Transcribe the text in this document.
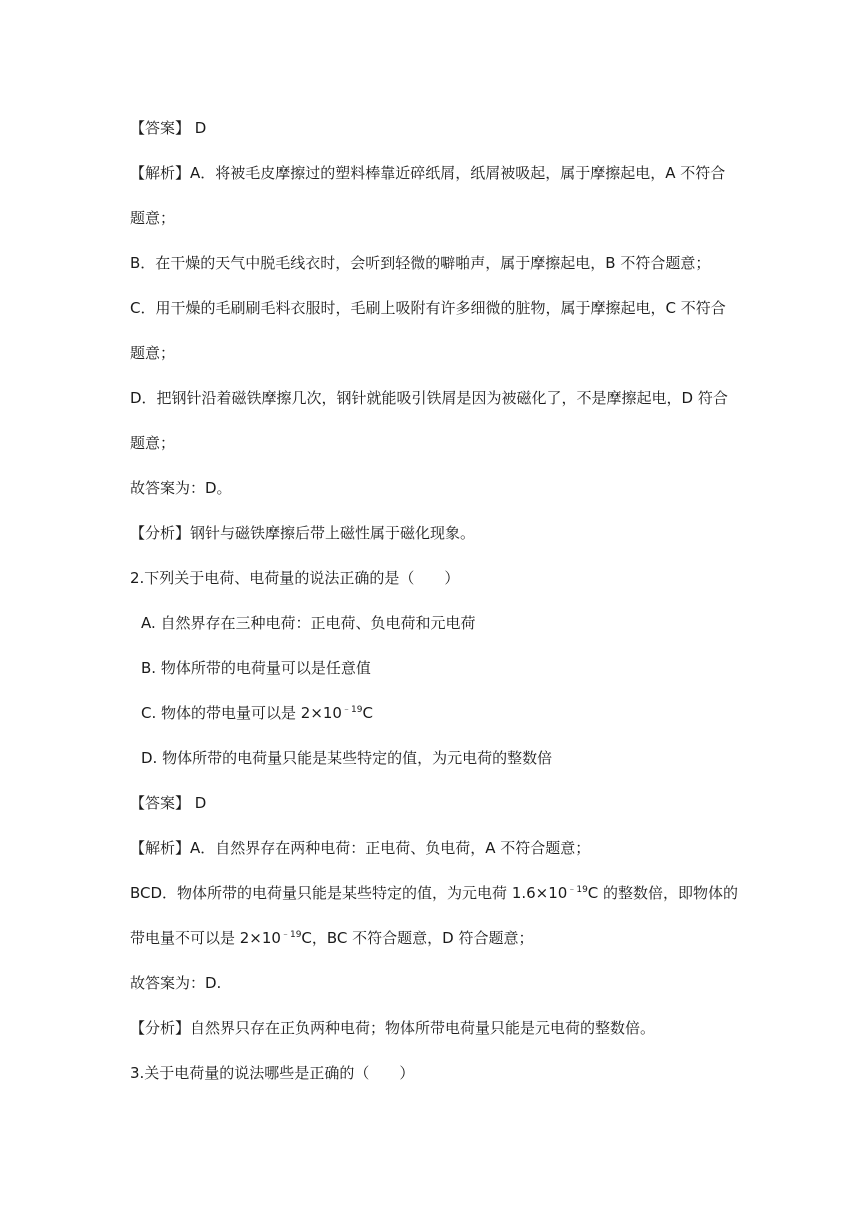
【答案】 D
【解析】A．将被毛皮摩擦过的塑料棒靠近碎纸屑，纸屑被吸起，属于摩擦起电，A 不符合
题意；
B．在干燥的天气中脱毛线衣时，会听到轻微的噼啪声，属于摩擦起电，B 不符合题意；
C．用干燥的毛刷刷毛料衣服时，毛刷上吸附有许多细微的脏物，属于摩擦起电，C 不符合
题意；
D．把钢针沿着磁铁摩擦几次，钢针就能吸引铁屑是因为被磁化了，不是摩擦起电，D 符合
题意；
故答案为：D。
【分析】钢针与磁铁摩擦后带上磁性属于磁化现象。
2.下列关于电荷、电荷量的说法正确的是（　　）
A. 自然界存在三种电荷：正电荷、负电荷和元电荷
B. 物体所带的电荷量可以是任意值
C. 物体的带电量可以是 $2\times 10^{﹣19}C$
D. 物体所带的电荷量只能是某些特定的值，为元电荷的整数倍
【答案】 D
【解析】A．自然界存在两种电荷：正电荷、负电荷，A 不符合题意；
BCD．物体所带的电荷量只能是某些特定的值，为元电荷 $1.6\times 10^{﹣19}C$ 的整数倍，即物体的
带电量不可以是 $2\times 10^{﹣19}C$，BC 不符合题意，D 符合题意；
故答案为：D.
【分析】自然界只存在正负两种电荷；物体所带电荷量只能是元电荷的整数倍。
3.关于电荷量的说法哪些是正确的（　　）
